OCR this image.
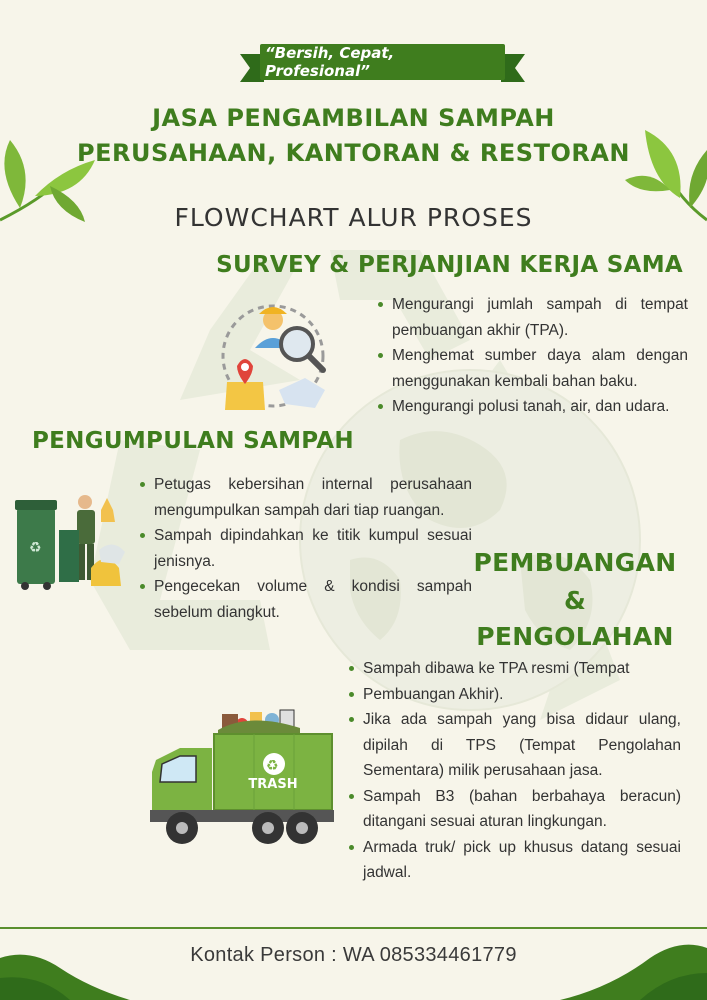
“Bersih, Cepat, Profesional”
JASA PENGAMBILAN SAMPAH
PERUSAHAAN, KANTORAN & RESTORAN
FLOWCHART ALUR PROSES
SURVEY & PERJANJIAN KERJA SAMA
Mengurangi jumlah sampah di tempat pembuangan akhir (TPA).
Menghemat sumber daya alam dengan menggunakan kembali bahan baku.
Mengurangi polusi tanah, air, dan udara.
PENGUMPULAN SAMPAH
♻
Petugas kebersihan internal perusahaan mengumpulkan sampah dari tiap ruangan.
Sampah dipindahkan ke titik kumpul sesuai jenisnya.
Pengecekan volume & kondisi sampah sebelum diangkut.
PEMBUANGAN
&
PENGOLAHAN
Sampah dibawa ke TPA resmi (Tempat
Pembuangan Akhir).
Jika ada sampah yang bisa didaur ulang, dipilah di TPS (Tempat Pengolahan Sementara) milik perusahaan jasa.
Sampah B3 (bahan berbahaya beracun) ditangani sesuai aturan lingkungan.
Armada truk/ pick up khusus datang sesuai jadwal.
♻
TRASH
Kontak Person : WA 085334461779
